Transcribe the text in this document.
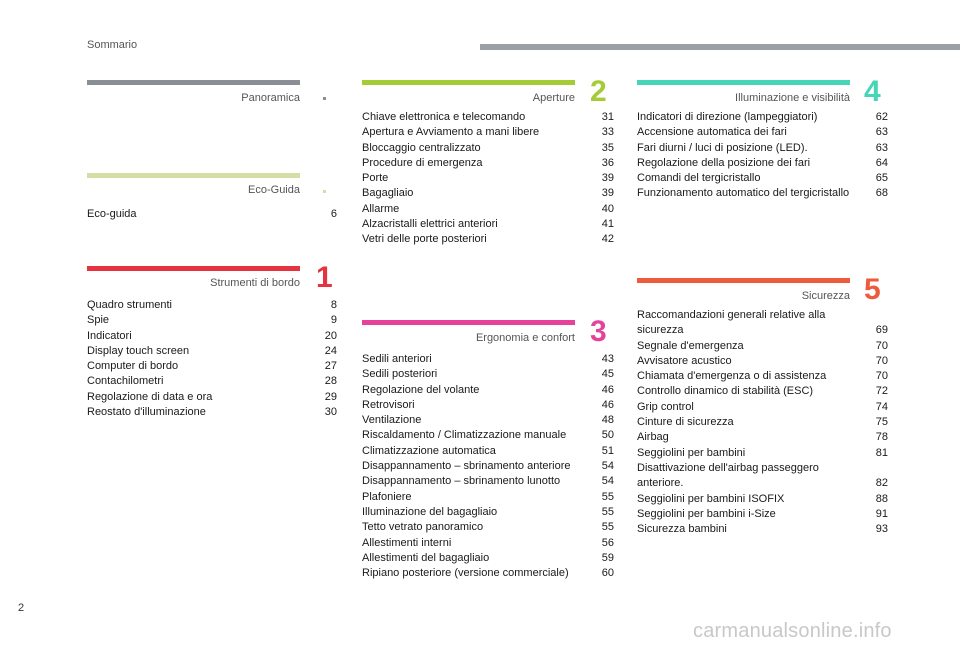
Sommario
Panoramica
Eco-Guida
Eco-guida	6
Strumenti di bordo
Quadro strumenti	8
Spie	9
Indicatori	20
Display touch screen	24
Computer di bordo	27
Contachilometri	28
Regolazione di data e ora	29
Reostato d'illuminazione	30
1
Aperture
Chiave elettronica e telecomando	31
Apertura e Avviamento a mani libere	33
Bloccaggio centralizzato	35
Procedure di emergenza	36
Porte	39
Bagagliaio	39
Allarme	40
Alzacristalli elettrici anteriori	41
Vetri delle porte posteriori	42
2
Ergonomia e confort
Sedili anteriori	43
Sedili posteriori	45
Regolazione del volante	46
Retrovisori	46
Ventilazione	48
Riscaldamento / Climatizzazione manuale	50
Climatizzazione automatica	51
Disappannamento – sbrinamento anteriore	54
Disappannamento – sbrinamento lunotto	54
Plafoniere	55
Illuminazione del bagagliaio	55
Tetto vetrato panoramico	55
Allestimenti interni	56
Allestimenti del bagagliaio	59
Ripiano posteriore (versione commerciale)	60
3
Illuminazione e visibilità
Indicatori di direzione (lampeggiatori)	62
Accensione automatica dei fari	63
Fari diurni / luci di posizione (LED).	63
Regolazione della posizione dei fari	64
Comandi del tergicristallo	65
Funzionamento automatico del tergicristallo	68
4
Sicurezza
Raccomandazioni generali relative alla
sicurezza	69
Segnale d'emergenza	70
Avvisatore acustico	70
Chiamata d'emergenza o di assistenza	70
Controllo dinamico di stabilità (ESC)	72
Grip control	74
Cinture di sicurezza	75
Airbag	78
Seggiolini per bambini	81
Disattivazione dell'airbag passeggero
anteriore.	82
Seggiolini per bambini ISOFIX	88
Seggiolini per bambini i-Size	91
Sicurezza bambini	93
5
2
carmanualsonline.info
